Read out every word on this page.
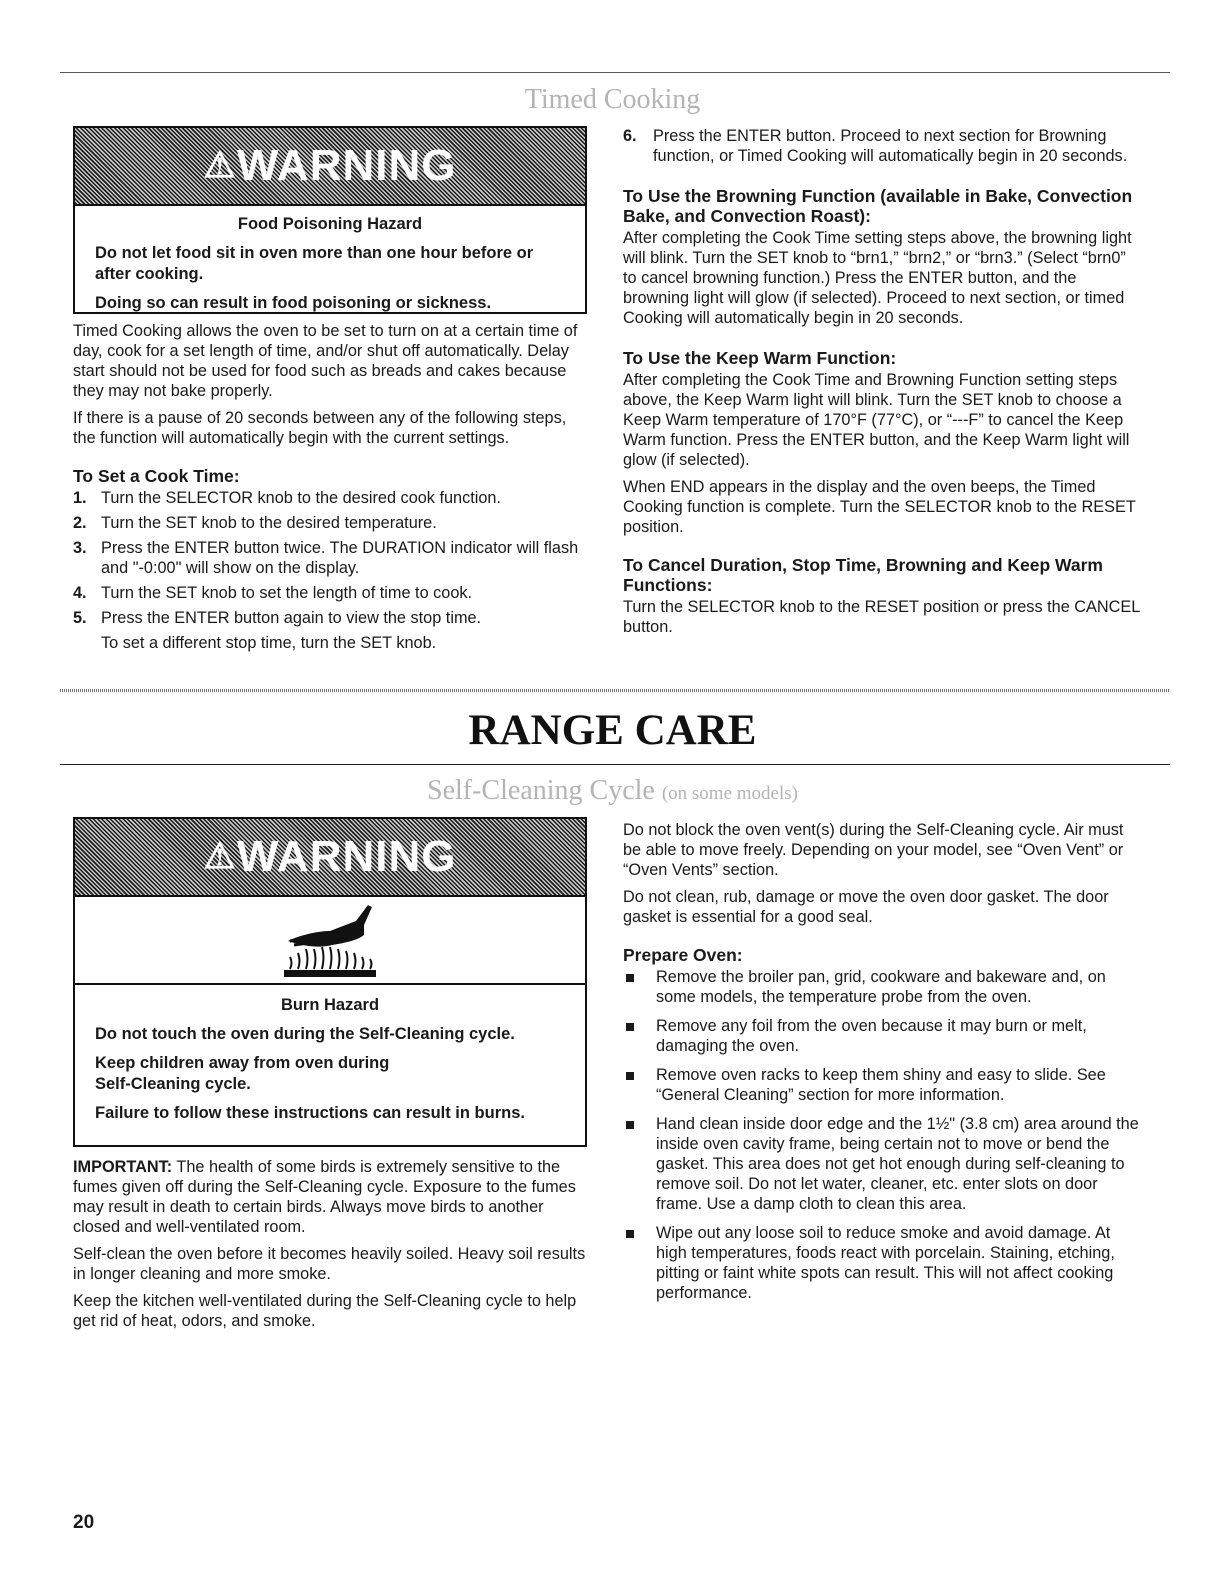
Timed Cooking
⚠WARNING

Food Poisoning Hazard

Do not let food sit in oven more than one hour before or after cooking.

Doing so can result in food poisoning or sickness.

Timed Cooking allows the oven to be set to turn on at a certain time of day, cook for a set length of time, and/or shut off automatically. Delay start should not be used for food such as breads and cakes because they may not bake properly.

If there is a pause of 20 seconds between any of the following steps, the function will automatically begin with the current settings.

To Set a Cook Time:
1. Turn the SELECTOR knob to the desired cook function.
2. Turn the SET knob to the desired temperature.
3. Press the ENTER button twice. The DURATION indicator will flash and "-0:00" will show on the display.
4. Turn the SET knob to set the length of time to cook.
5. Press the ENTER button again to view the stop time.
To set a different stop time, turn the SET knob.
6. Press the ENTER button. Proceed to next section for Browning function, or Timed Cooking will automatically begin in 20 seconds.
To Use the Browning Function (available in Bake, Convection Bake, and Convection Roast):

After completing the Cook Time setting steps above, the browning light will blink. Turn the SET knob to “brn1,” “brn2,” or “brn3.” (Select “brn0” to cancel browning function.) Press the ENTER button, and the browning light will glow (if selected). Proceed to next section, or timed Cooking will automatically begin in 20 seconds.

To Use the Keep Warm Function:

After completing the Cook Time and Browning Function setting steps above, the Keep Warm light will blink. Turn the SET knob to choose a Keep Warm temperature of 170°F (77°C), or “---F” to cancel the Keep Warm function. Press the ENTER button, and the Keep Warm light will glow (if selected).

When END appears in the display and the oven beeps, the Timed Cooking function is complete. Turn the SELECTOR knob to the RESET position.

To Cancel Duration, Stop Time, Browning and Keep Warm Functions:

Turn the SELECTOR knob to the RESET position or press the CANCEL button.

RANGE CARE
Self-Cleaning Cycle (on some models)
⚠WARNING

Burn Hazard

Do not touch the oven during the Self-Cleaning cycle.

Keep children away from oven during Self-Cleaning cycle.

Failure to follow these instructions can result in burns.

IMPORTANT: The health of some birds is extremely sensitive to the fumes given off during the Self-Cleaning cycle. Exposure to the fumes may result in death to certain birds. Always move birds to another closed and well-ventilated room.

Self-clean the oven before it becomes heavily soiled. Heavy soil results in longer cleaning and more smoke.

Keep the kitchen well-ventilated during the Self-Cleaning cycle to help get rid of heat, odors, and smoke.

Do not block the oven vent(s) during the Self-Cleaning cycle. Air must be able to move freely. Depending on your model, see “Oven Vent” or “Oven Vents” section.

Do not clean, rub, damage or move the oven door gasket. The door gasket is essential for a good seal.

Prepare Oven:
Remove the broiler pan, grid, cookware and bakeware and, on some models, the temperature probe from the oven.
Remove any foil from the oven because it may burn or melt, damaging the oven.
Remove oven racks to keep them shiny and easy to slide. See “General Cleaning” section for more information.
Hand clean inside door edge and the 1½" (3.8 cm) area around the inside oven cavity frame, being certain not to move or bend the gasket. This area does not get hot enough during self-cleaning to remove soil. Do not let water, cleaner, etc. enter slots on door frame. Use a damp cloth to clean this area.
Wipe out any loose soil to reduce smoke and avoid damage. At high temperatures, foods react with porcelain. Staining, etching, pitting or faint white spots can result. This will not affect cooking performance.
20
